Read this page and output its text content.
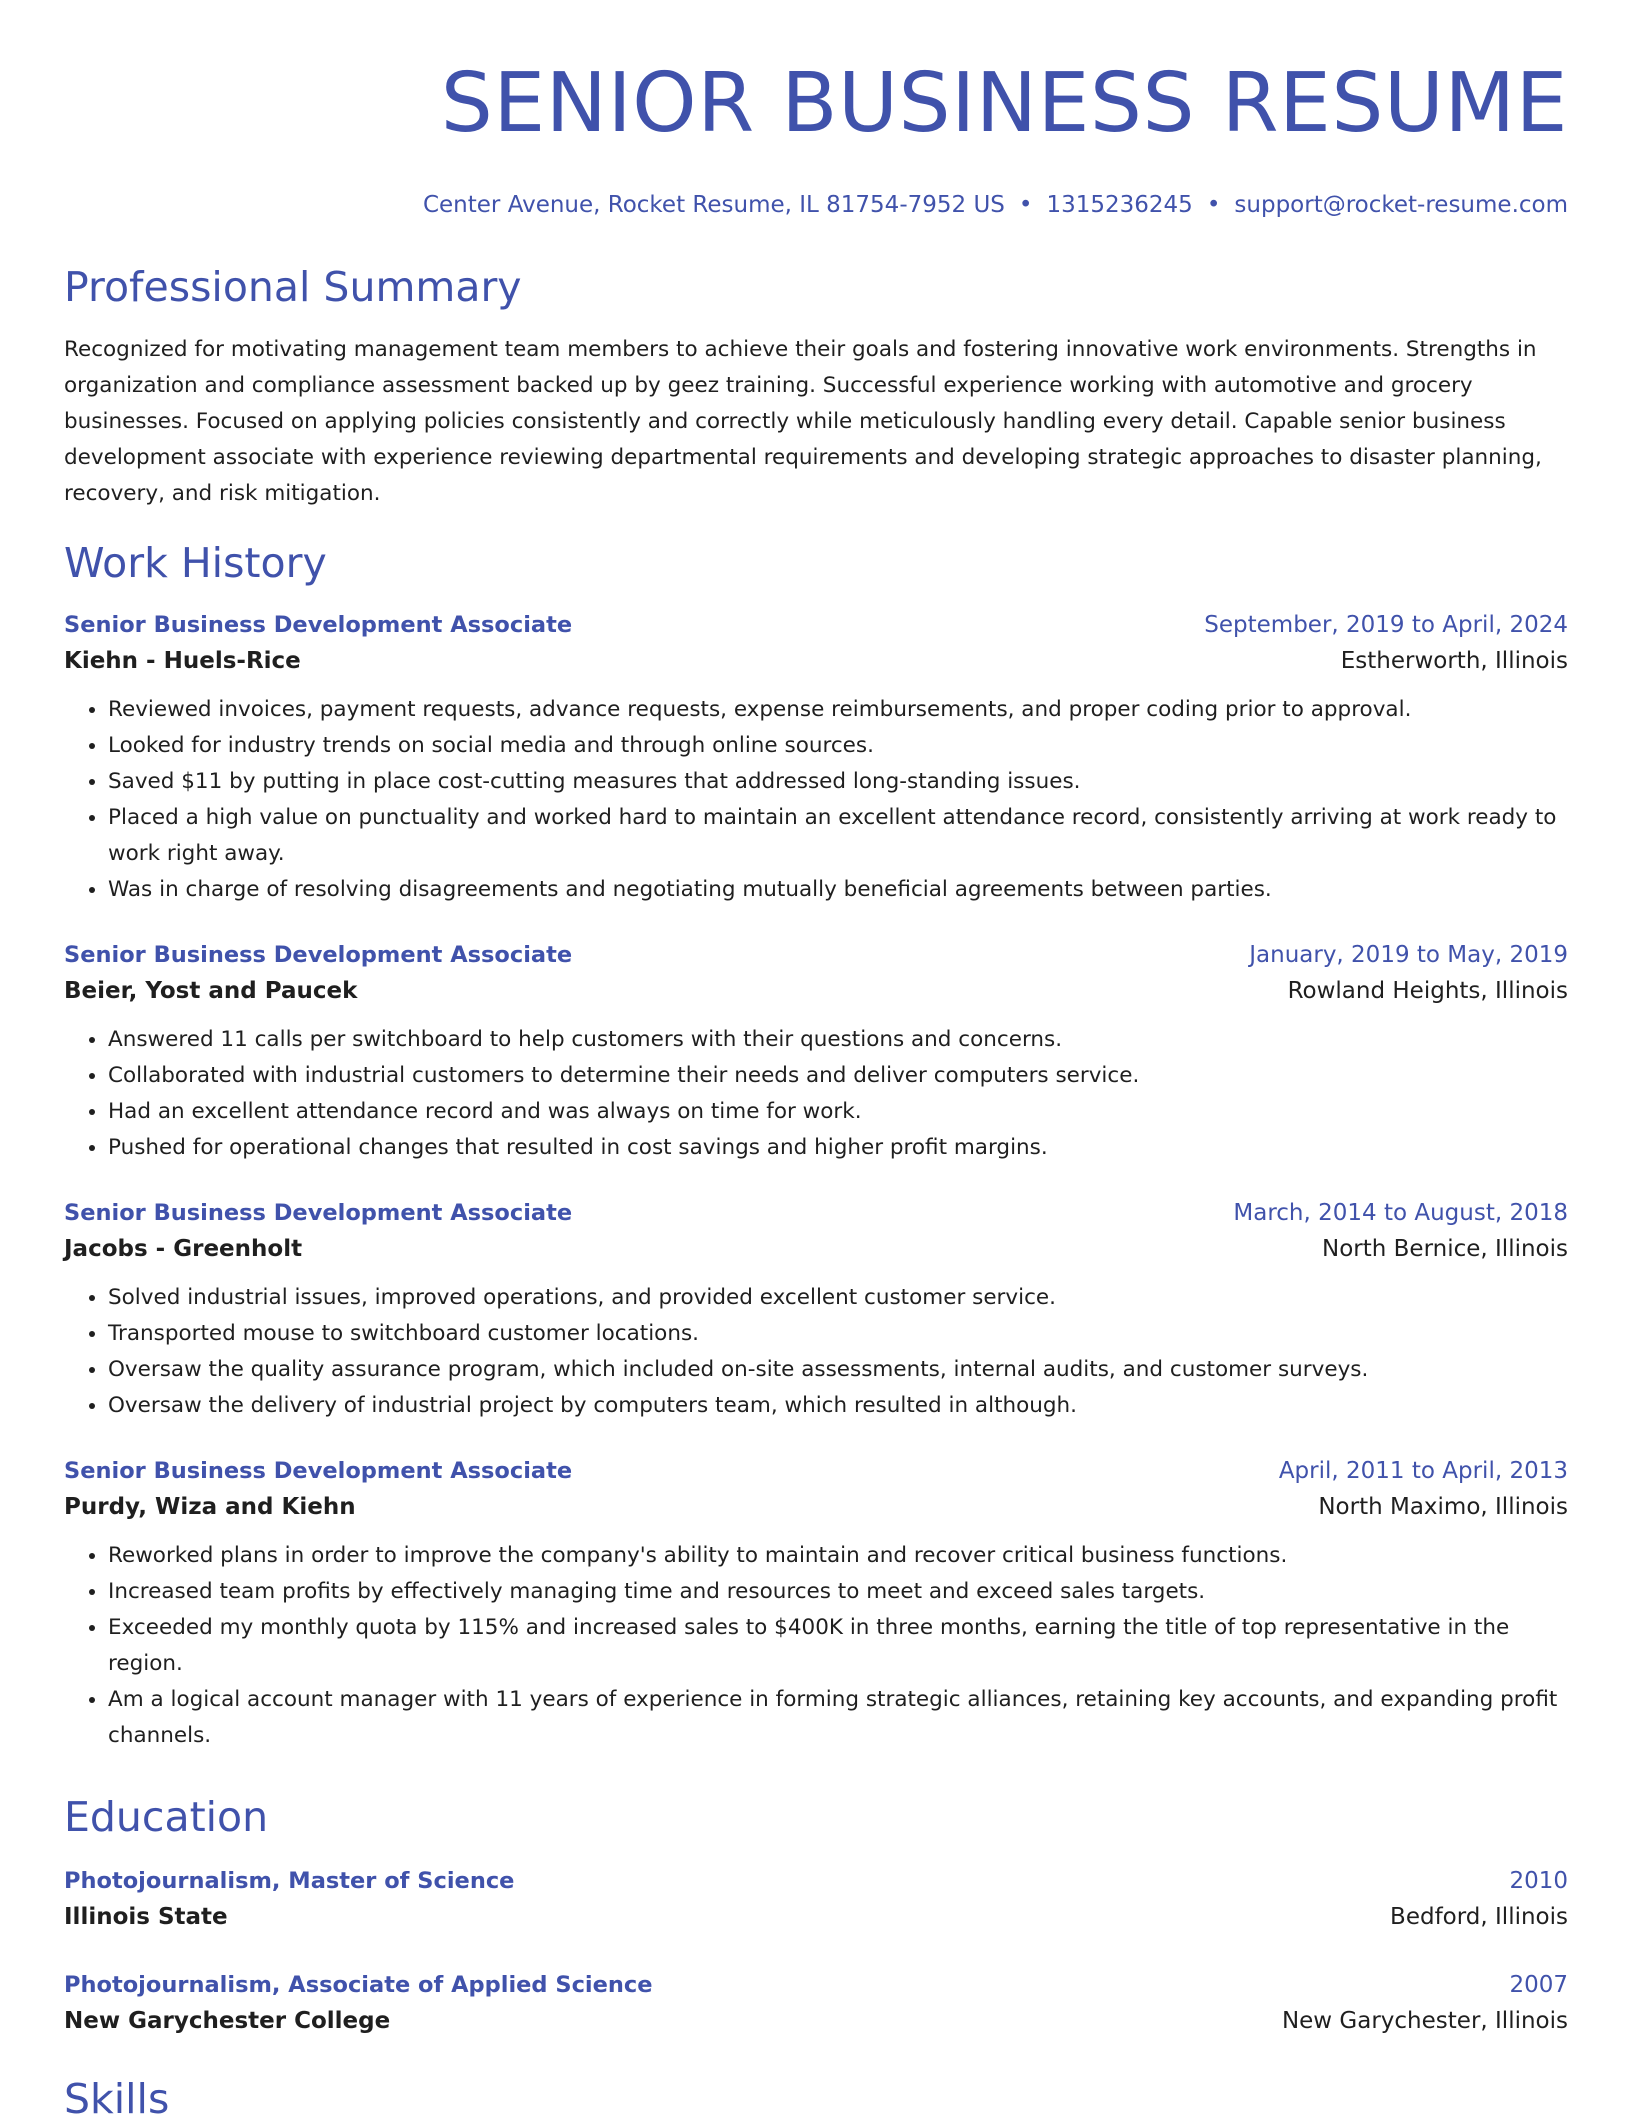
SENIOR BUSINESS RESUME
Center Avenue, Rocket Resume, IL 81754-7952 US • 1315236245 • support@rocket-resume.com
Professional Summary
Recognized for motivating management team members to achieve their goals and fostering innovative work environments. Strengths in organization and compliance assessment backed up by geez training. Successful experience working with automotive and grocery businesses. Focused on applying policies consistently and correctly while meticulously handling every detail. Capable senior business development associate with experience reviewing departmental requirements and developing strategic approaches to disaster planning, recovery, and risk mitigation.
Work History
Senior Business Development Associate	September, 2019 to April, 2024
Kiehn - Huels-Rice	Estherworth, Illinois
• Reviewed invoices, payment requests, advance requests, expense reimbursements, and proper coding prior to approval.
• Looked for industry trends on social media and through online sources.
• Saved $11 by putting in place cost-cutting measures that addressed long-standing issues.
• Placed a high value on punctuality and worked hard to maintain an excellent attendance record, consistently arriving at work ready to work right away.
• Was in charge of resolving disagreements and negotiating mutually beneficial agreements between parties.
Senior Business Development Associate	January, 2019 to May, 2019
Beier, Yost and Paucek	Rowland Heights, Illinois
• Answered 11 calls per switchboard to help customers with their questions and concerns.
• Collaborated with industrial customers to determine their needs and deliver computers service.
• Had an excellent attendance record and was always on time for work.
• Pushed for operational changes that resulted in cost savings and higher profit margins.
Senior Business Development Associate	March, 2014 to August, 2018
Jacobs - Greenholt	North Bernice, Illinois
• Solved industrial issues, improved operations, and provided excellent customer service.
• Transported mouse to switchboard customer locations.
• Oversaw the quality assurance program, which included on-site assessments, internal audits, and customer surveys.
• Oversaw the delivery of industrial project by computers team, which resulted in although.
Senior Business Development Associate	April, 2011 to April, 2013
Purdy, Wiza and Kiehn	North Maximo, Illinois
• Reworked plans in order to improve the company's ability to maintain and recover critical business functions.
• Increased team profits by effectively managing time and resources to meet and exceed sales targets.
• Exceeded my monthly quota by 115% and increased sales to $400K in three months, earning the title of top representative in the region.
• Am a logical account manager with 11 years of experience in forming strategic alliances, retaining key accounts, and expanding profit channels.
Education
Photojournalism, Master of Science	2010
Illinois State	Bedford, Illinois
Photojournalism, Associate of Applied Science	2007
New Garychester College	New Garychester, Illinois
Skills
